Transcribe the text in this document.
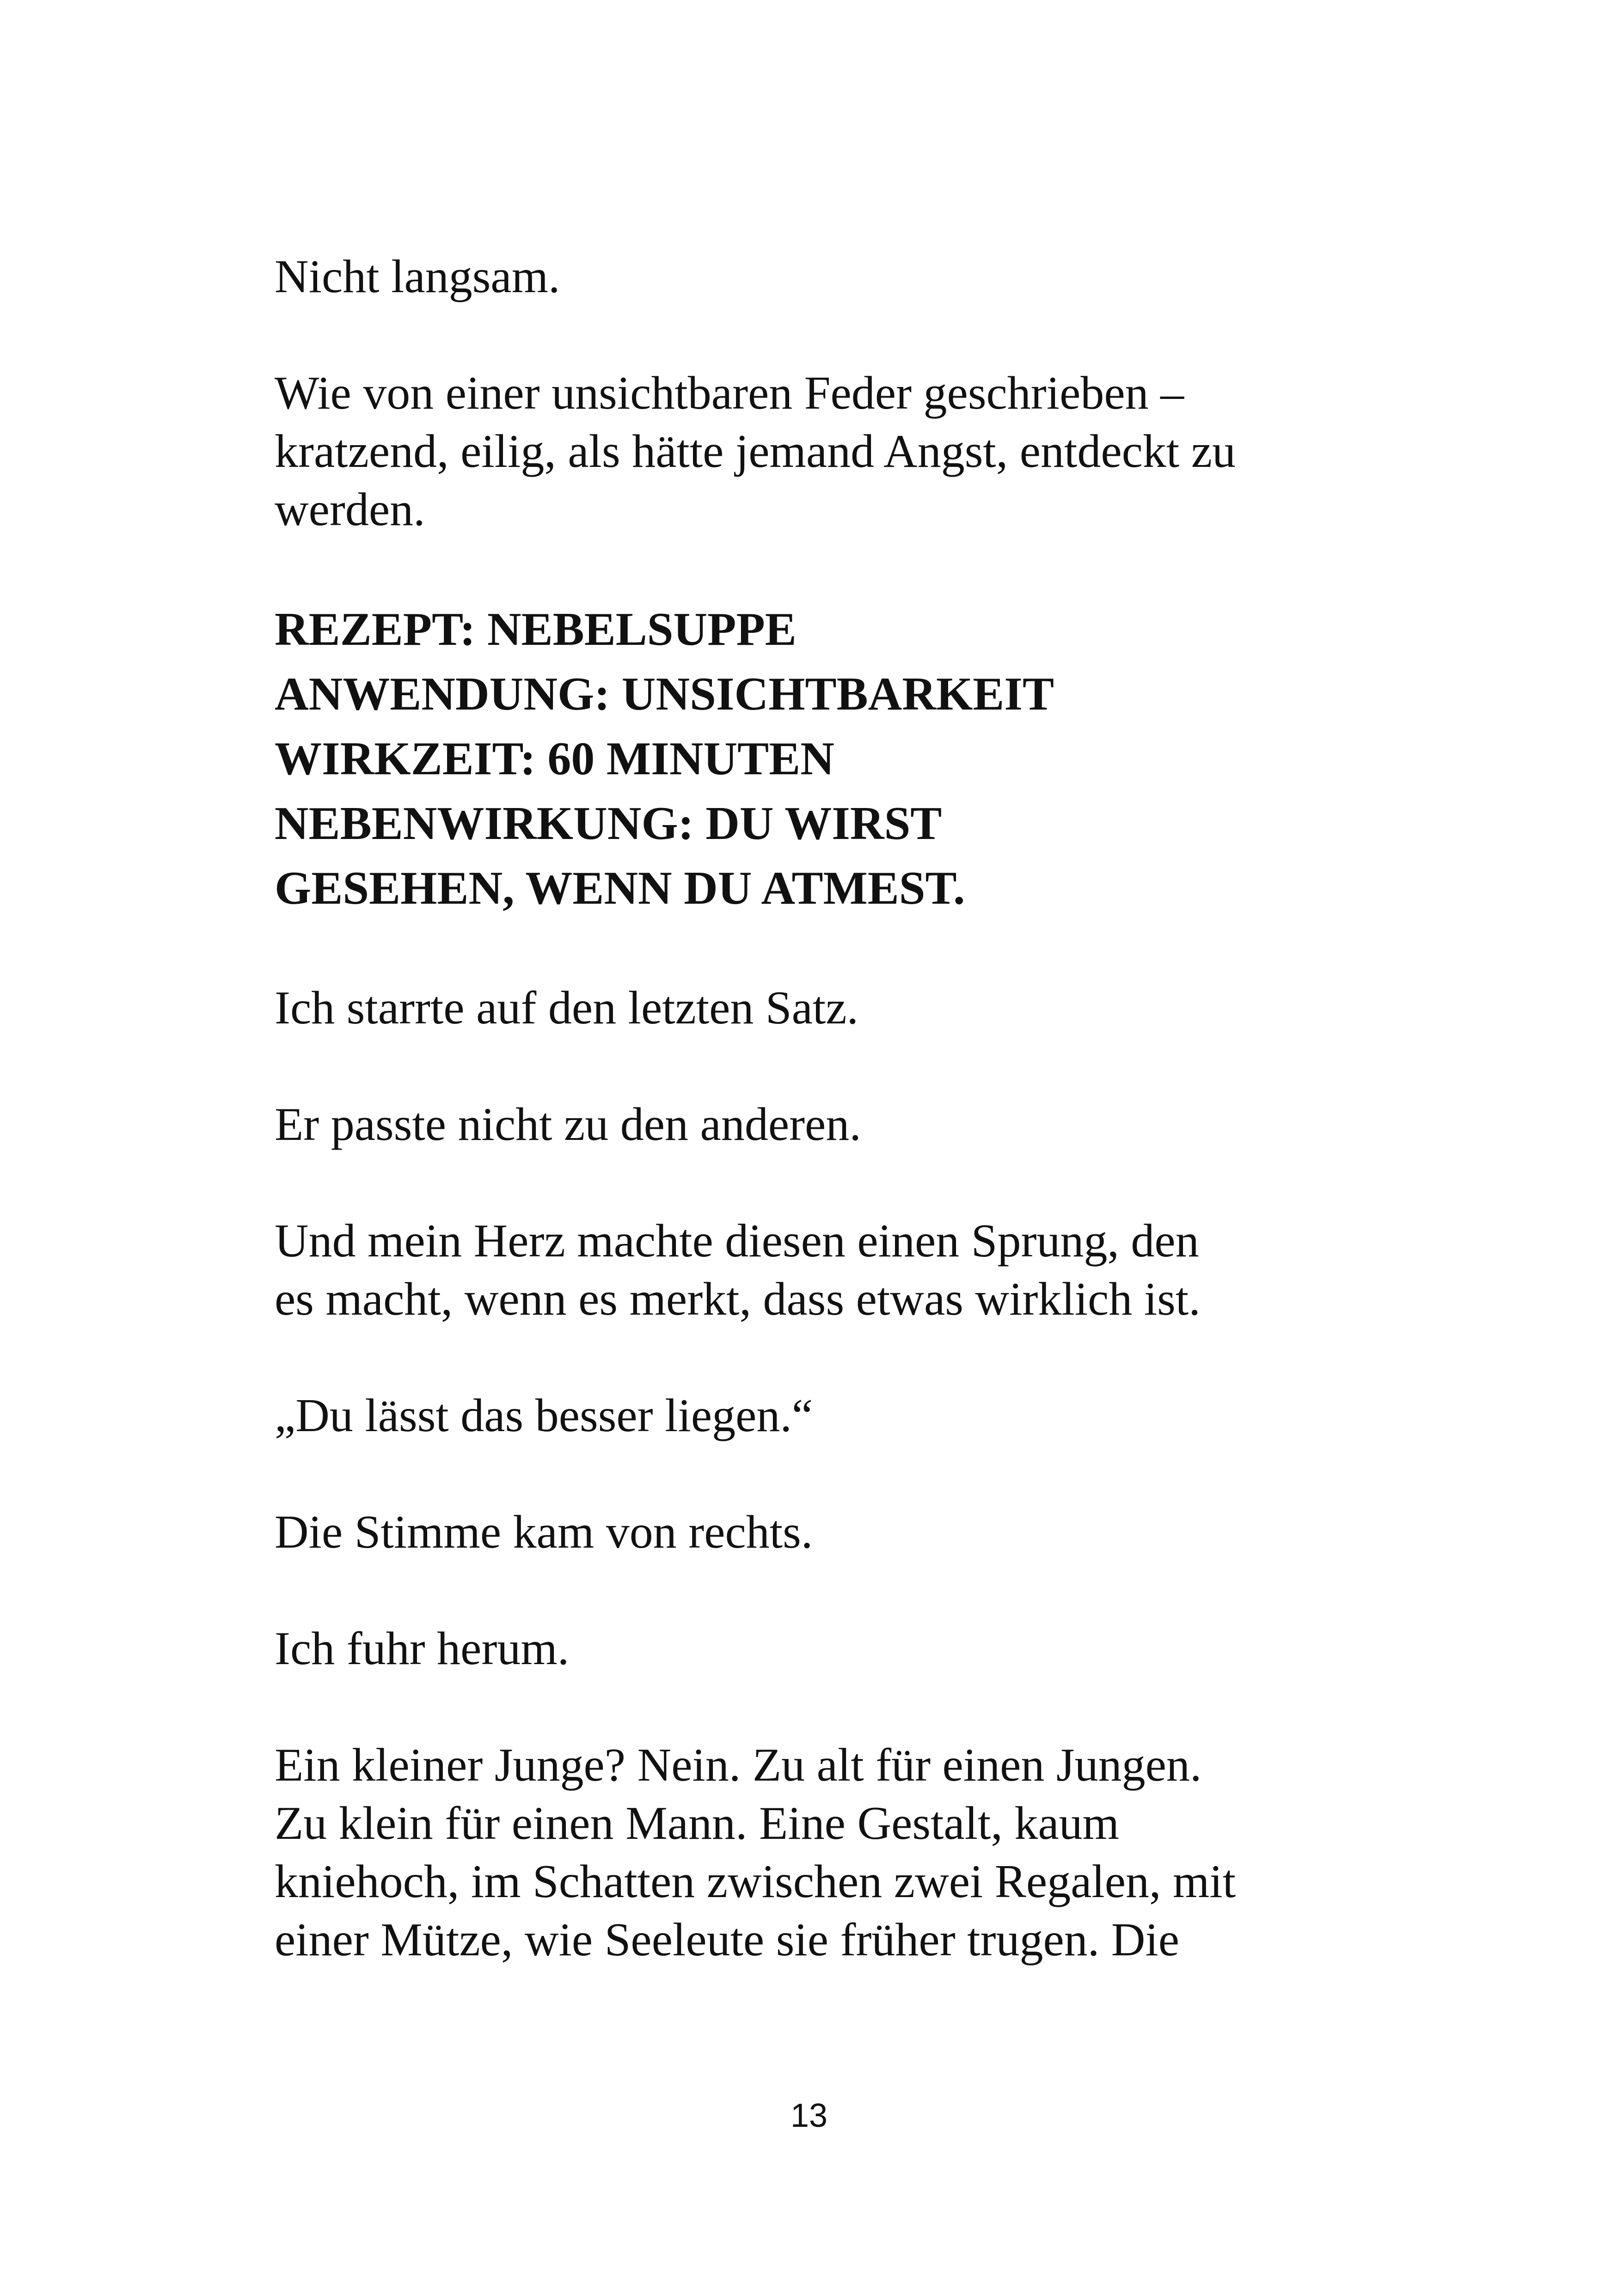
Nicht langsam.

Wie von einer unsichtbaren Feder geschrieben –
kratzend, eilig, als hätte jemand Angst, entdeckt zu
werden.

REZEPT: NEBELSUPPE
ANWENDUNG: UNSICHTBARKEIT
WIRKZEIT: 60 MINUTEN
NEBENWIRKUNG: DU WIRST
GESEHEN, WENN DU ATMEST.

Ich starrte auf den letzten Satz.

Er passte nicht zu den anderen.

Und mein Herz machte diesen einen Sprung, den
es macht, wenn es merkt, dass etwas wirklich ist.

„Du lässt das besser liegen.“

Die Stimme kam von rechts.

Ich fuhr herum.

Ein kleiner Junge? Nein. Zu alt für einen Jungen.
Zu klein für einen Mann. Eine Gestalt, kaum
kniehoch, im Schatten zwischen zwei Regalen, mit
einer Mütze, wie Seeleute sie früher trugen. Die

13
